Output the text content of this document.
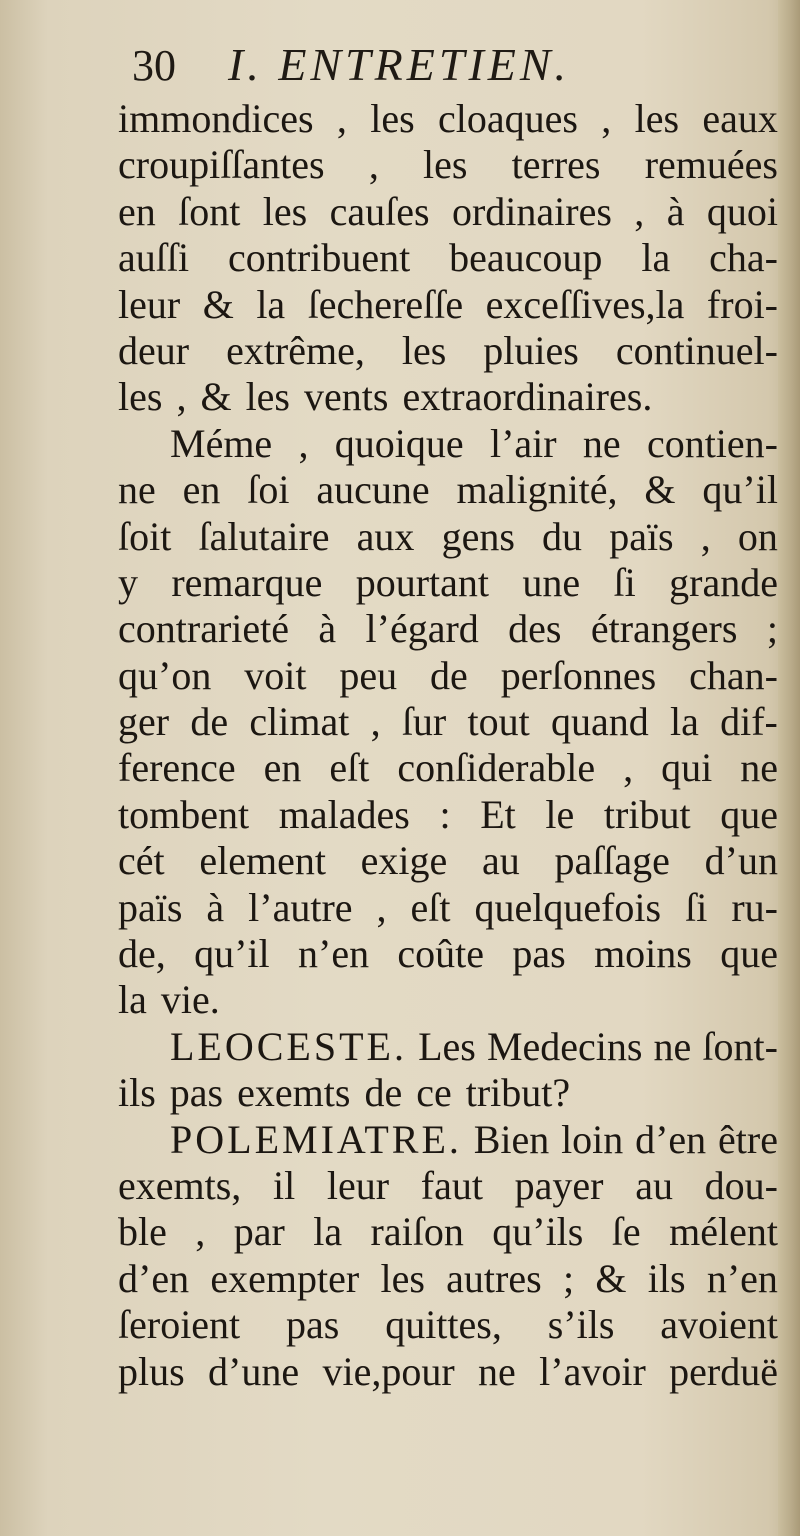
30 I. ENTRETIEN.
immondices , les cloaques , les eaux
croupiſſantes , les terres remuées
en ſont les cauſes ordinaires , à quoi
auſſi contribuent beaucoup la cha-
leur & la ſechereſſe exceſſives,la froi-
deur extrême, les pluies continuel-
les , & les vents extraordinaires.
Méme , quoique l’air ne contien-
ne en ſoi aucune malignité, & qu’il
ſoit ſalutaire aux gens du païs , on
y remarque pourtant une ſi grande
contrarieté à l’égard des étrangers ;
qu’on voit peu de perſonnes chan-
ger de climat , ſur tout quand la dif-
ference en eſt conſiderable , qui ne
tombent malades : Et le tribut que
cét element exige au paſſage d’un
païs à l’autre , eſt quelquefois ſi ru-
de, qu’il n’en coûte pas moins que
la vie.
LEOCESTE. Les Medecins ne ſont-
ils pas exemts de ce tribut?
POLEMIATRE. Bien loin d’en être
exemts, il leur faut payer au dou-
ble , par la raiſon qu’ils ſe mélent
d’en exempter les autres ; & ils n’en
ſeroient pas quittes, s’ils avoient
plus d’une vie,pour ne l’avoir perduë
